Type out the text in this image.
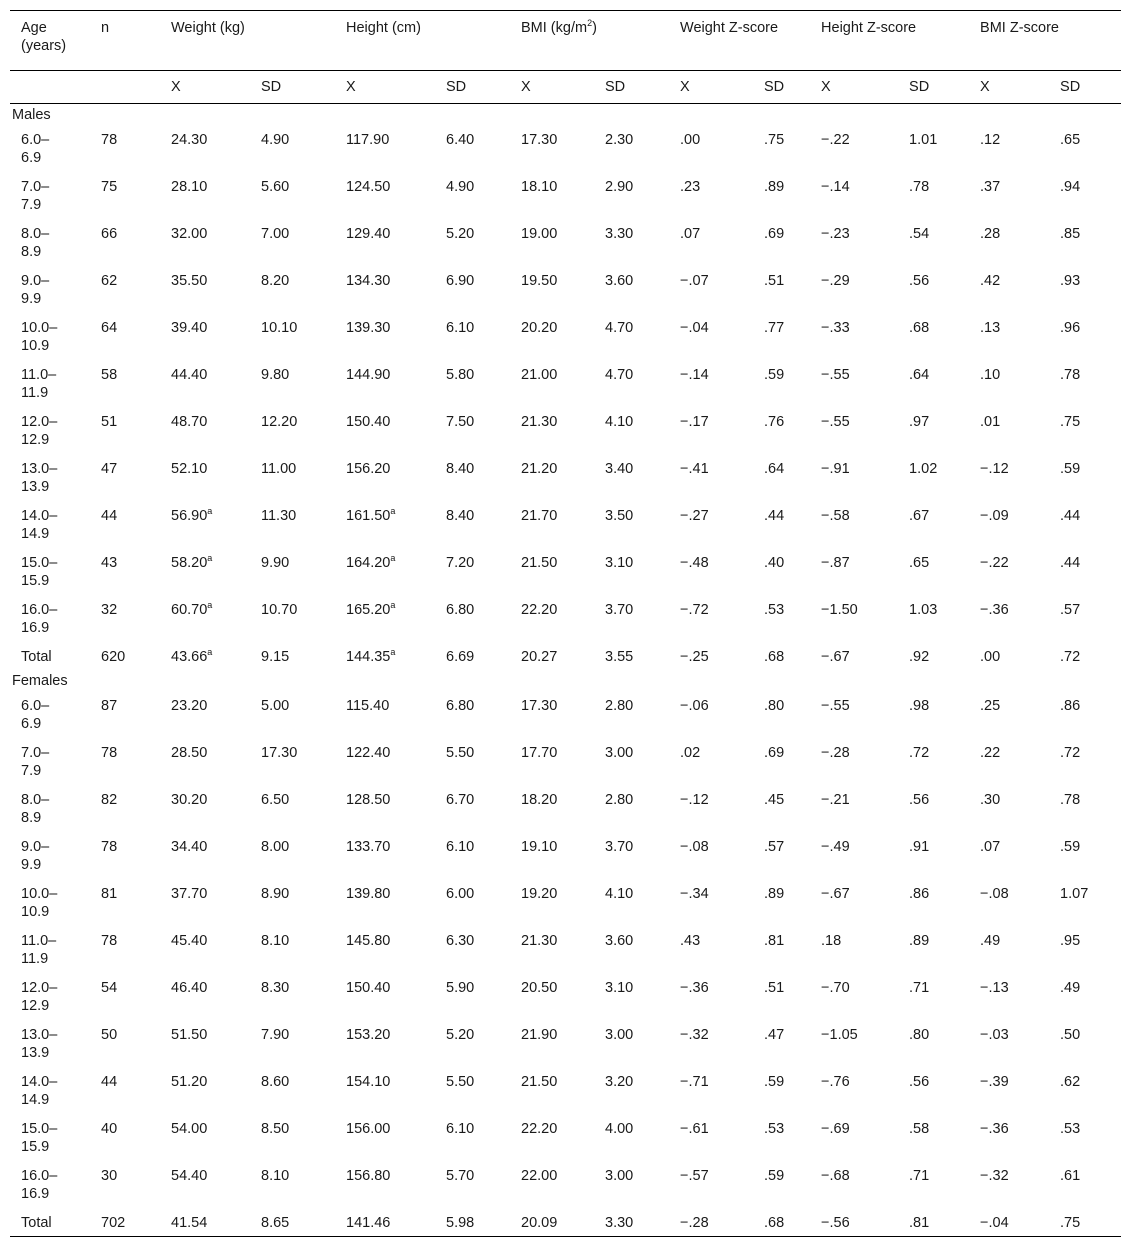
Age (years)	n	Weight (kg)		Height (cm)		BMI $(kg/m^2)$		Weight Z-score		Height Z-score		BMI Z-score	
		X	SD	X	SD	X	SD	X	SD	X	SD	X	SD
Males													
6.0–
6.9	78	24.30	4.90	117.90	6.40	17.30	2.30	.00	.75	−.22	1.01	.12	.65
7.0–
7.9	75	28.10	5.60	124.50	4.90	18.10	2.90	.23	.89	−.14	.78	.37	.94
8.0–
8.9	66	32.00	7.00	129.40	5.20	19.00	3.30	.07	.69	−.23	.54	.28	.85
9.0–
9.9	62	35.50	8.20	134.30	6.90	19.50	3.60	−.07	.51	−.29	.56	.42	.93
10.0–
10.9	64	39.40	10.10	139.30	6.10	20.20	4.70	−.04	.77	−.33	.68	.13	.96
11.0–
11.9	58	44.40	9.80	144.90	5.80	21.00	4.70	−.14	.59	−.55	.64	.10	.78
12.0–
12.9	51	48.70	12.20	150.40	7.50	21.30	4.10	−.17	.76	−.55	.97	.01	.75
13.0–
13.9	47	52.10	11.00	156.20	8.40	21.20	3.40	−.41	.64	−.91	1.02	−.12	.59
14.0–
14.9	44	56.90$^a$	11.30	161.50$^a$	8.40	21.70	3.50	−.27	.44	−.58	.67	−.09	.44
15.0–
15.9	43	58.20$^a$	9.90	164.20$^a$	7.20	21.50	3.10	−.48	.40	−.87	.65	−.22	.44
16.0–
16.9	32	60.70$^a$	10.70	165.20$^a$	6.80	22.20	3.70	−.72	.53	−1.50	1.03	−.36	.57
Total	620	43.66$^a$	9.15	144.35$^a$	6.69	20.27	3.55	−.25	.68	−.67	.92	.00	.72
Females													
6.0–
6.9	87	23.20	5.00	115.40	6.80	17.30	2.80	−.06	.80	−.55	.98	.25	.86
7.0–
7.9	78	28.50	17.30	122.40	5.50	17.70	3.00	.02	.69	−.28	.72	.22	.72
8.0–
8.9	82	30.20	6.50	128.50	6.70	18.20	2.80	−.12	.45	−.21	.56	.30	.78
9.0–
9.9	78	34.40	8.00	133.70	6.10	19.10	3.70	−.08	.57	−.49	.91	.07	.59
10.0–
10.9	81	37.70	8.90	139.80	6.00	19.20	4.10	−.34	.89	−.67	.86	−.08	1.07
11.0–
11.9	78	45.40	8.10	145.80	6.30	21.30	3.60	.43	.81	.18	.89	.49	.95
12.0–
12.9	54	46.40	8.30	150.40	5.90	20.50	3.10	−.36	.51	−.70	.71	−.13	.49
13.0–
13.9	50	51.50	7.90	153.20	5.20	21.90	3.00	−.32	.47	−1.05	.80	−.03	.50
14.0–
14.9	44	51.20	8.60	154.10	5.50	21.50	3.20	−.71	.59	−.76	.56	−.39	.62
15.0–
15.9	40	54.00	8.50	156.00	6.10	22.20	4.00	−.61	.53	−.69	.58	−.36	.53
16.0–
16.9	30	54.40	8.10	156.80	5.70	22.00	3.00	−.57	.59	−.68	.71	−.32	.61
Total	702	41.54	8.65	141.46	5.98	20.09	3.30	−.28	.68	−.56	.81	−.04	.75
